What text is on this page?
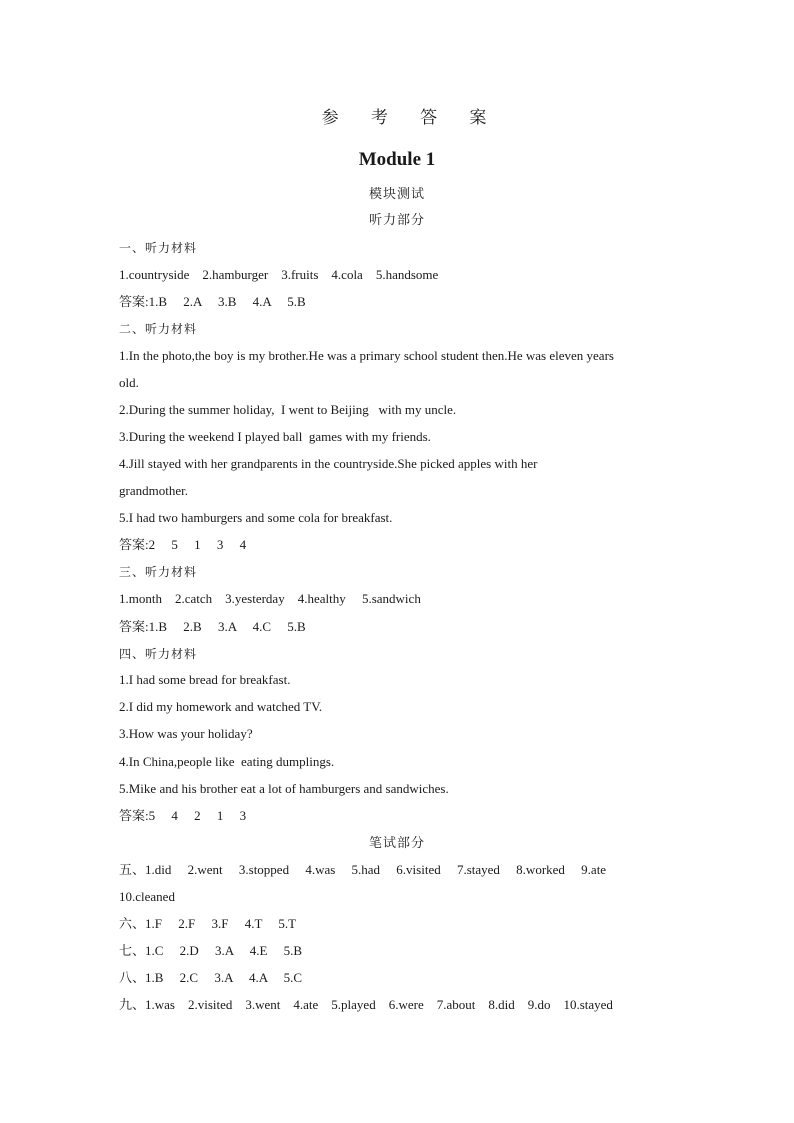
参 考 答 案
Module 1
模块测试
听力部分
一、听力材料
1.countryside    2.hamburger    3.fruits    4.cola    5.handsome
答案:1.B     2.A     3.B     4.A     5.B
二、听力材料
1.In the photo,the boy is my brother.He was a primary school student then.He was eleven years
old.
2.During the summer holiday,  I went to Beijing   with my uncle.
3.During the weekend I played ball  games with my friends.
4.Jill stayed with her grandparents in the countryside.She picked apples with her
grandmother.
5.I had two hamburgers and some cola for breakfast.
答案:2     5     1     3     4
三、听力材料
1.month    2.catch    3.yesterday    4.healthy     5.sandwich
答案:1.B     2.B     3.A     4.C     5.B
四、听力材料
1.I had some bread for breakfast.
2.I did my homework and watched TV.
3.How was your holiday?
4.In China,people like  eating dumplings.
5.Mike and his brother eat a lot of hamburgers and sandwiches.
答案:5     4     2     1     3
笔试部分
五、1.did     2.went     3.stopped     4.was     5.had     6.visited     7.stayed     8.worked     9.ate
10.cleaned
六、1.F     2.F     3.F     4.T     5.T
七、1.C     2.D     3.A     4.E     5.B
八、1.B     2.C     3.A     4.A     5.C
九、1.was    2.visited    3.went    4.ate    5.played    6.were    7.about    8.did    9.do    10.stayed
